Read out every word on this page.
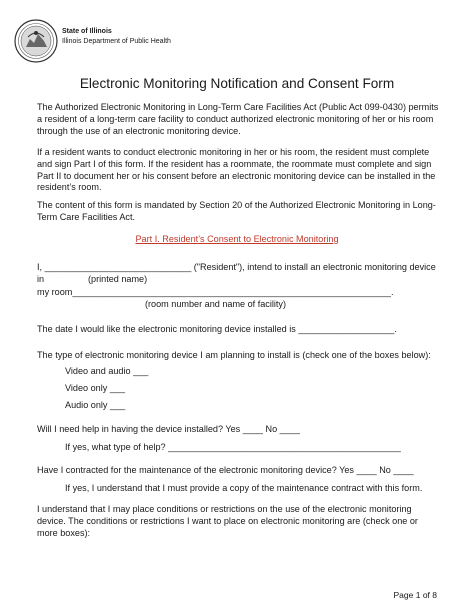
State of Illinois
Illinois Department of Public Health
Electronic Monitoring Notification and Consent Form
The Authorized Electronic Monitoring in Long-Term Care Facilities Act (Public Act 099-0430) permits a resident of a long-term care facility to conduct authorized electronic monitoring of her or his room through the use of an electronic monitoring device.
If a resident wants to conduct electronic monitoring in her or his room, the resident must complete and sign Part I of this form. If the resident has a roommate, the roommate must complete and sign Part II to document her or his consent before an electronic monitoring device can be installed in the resident’s room.
The content of this form is mandated by Section 20 of the Authorized Electronic Monitoring in Long-Term Care Facilities Act.
Part I. Resident’s Consent to Electronic Monitoring
I, _____________________________ ("Resident"), intend to install an electronic monitoring device in	(printed name)
my room_______________________________________________________________.
(room number and name of facility)
The date I would like the electronic monitoring device installed is ___________________.
The type of electronic monitoring device I am planning to install is (check one of the boxes below):
Video and audio ___
Video only ___
Audio only ___
Will I need help in having the device installed? Yes ____ No ____
If yes, what type of help? ______________________________________________
Have I contracted for the maintenance of the electronic monitoring device? Yes ____ No ____
If yes, I understand that I must provide a copy of the maintenance contract with this form.
I understand that I may place conditions or restrictions on the use of the electronic monitoring device. The conditions or restrictions I want to place on electronic monitoring are (check one or more boxes):
Page 1 of 8
